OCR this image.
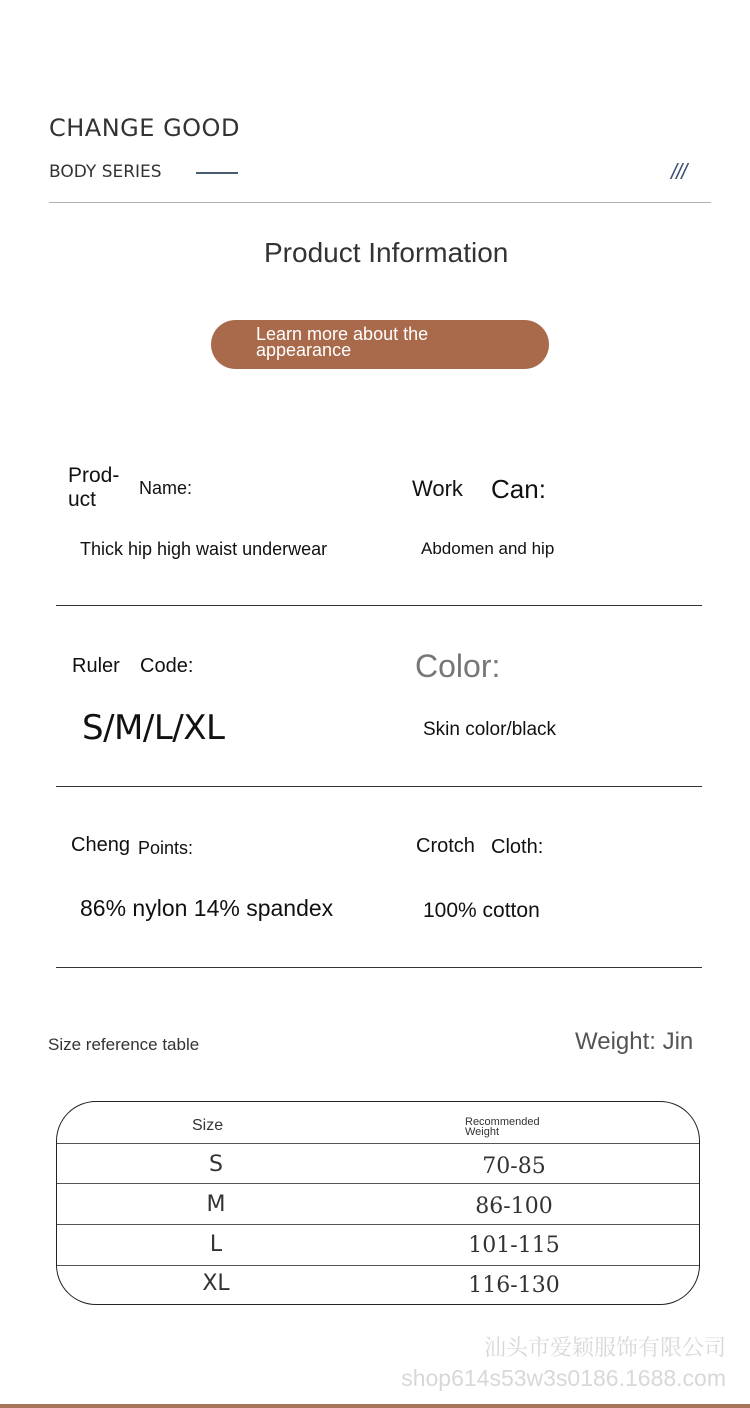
CHANGE GOOD
BODY SERIES	///
Product Information
Learn more about the appearance
Prod-uct	Name:	Work Can:
Thick hip high waist underwear	Abdomen and hip
Ruler Code:	Color:
S/M/L/XL	Skin color/black
Cheng Points:	Crotch Cloth:
86% nylon 14% spandex	100% cotton
Size reference table	Weight: Jin
Size	Recommended Weight
S	70-85
M	86-100
L	101-115
XL	116-130
汕头市爱颖服饰有限公司
shop614s53w3s0186.1688.com
